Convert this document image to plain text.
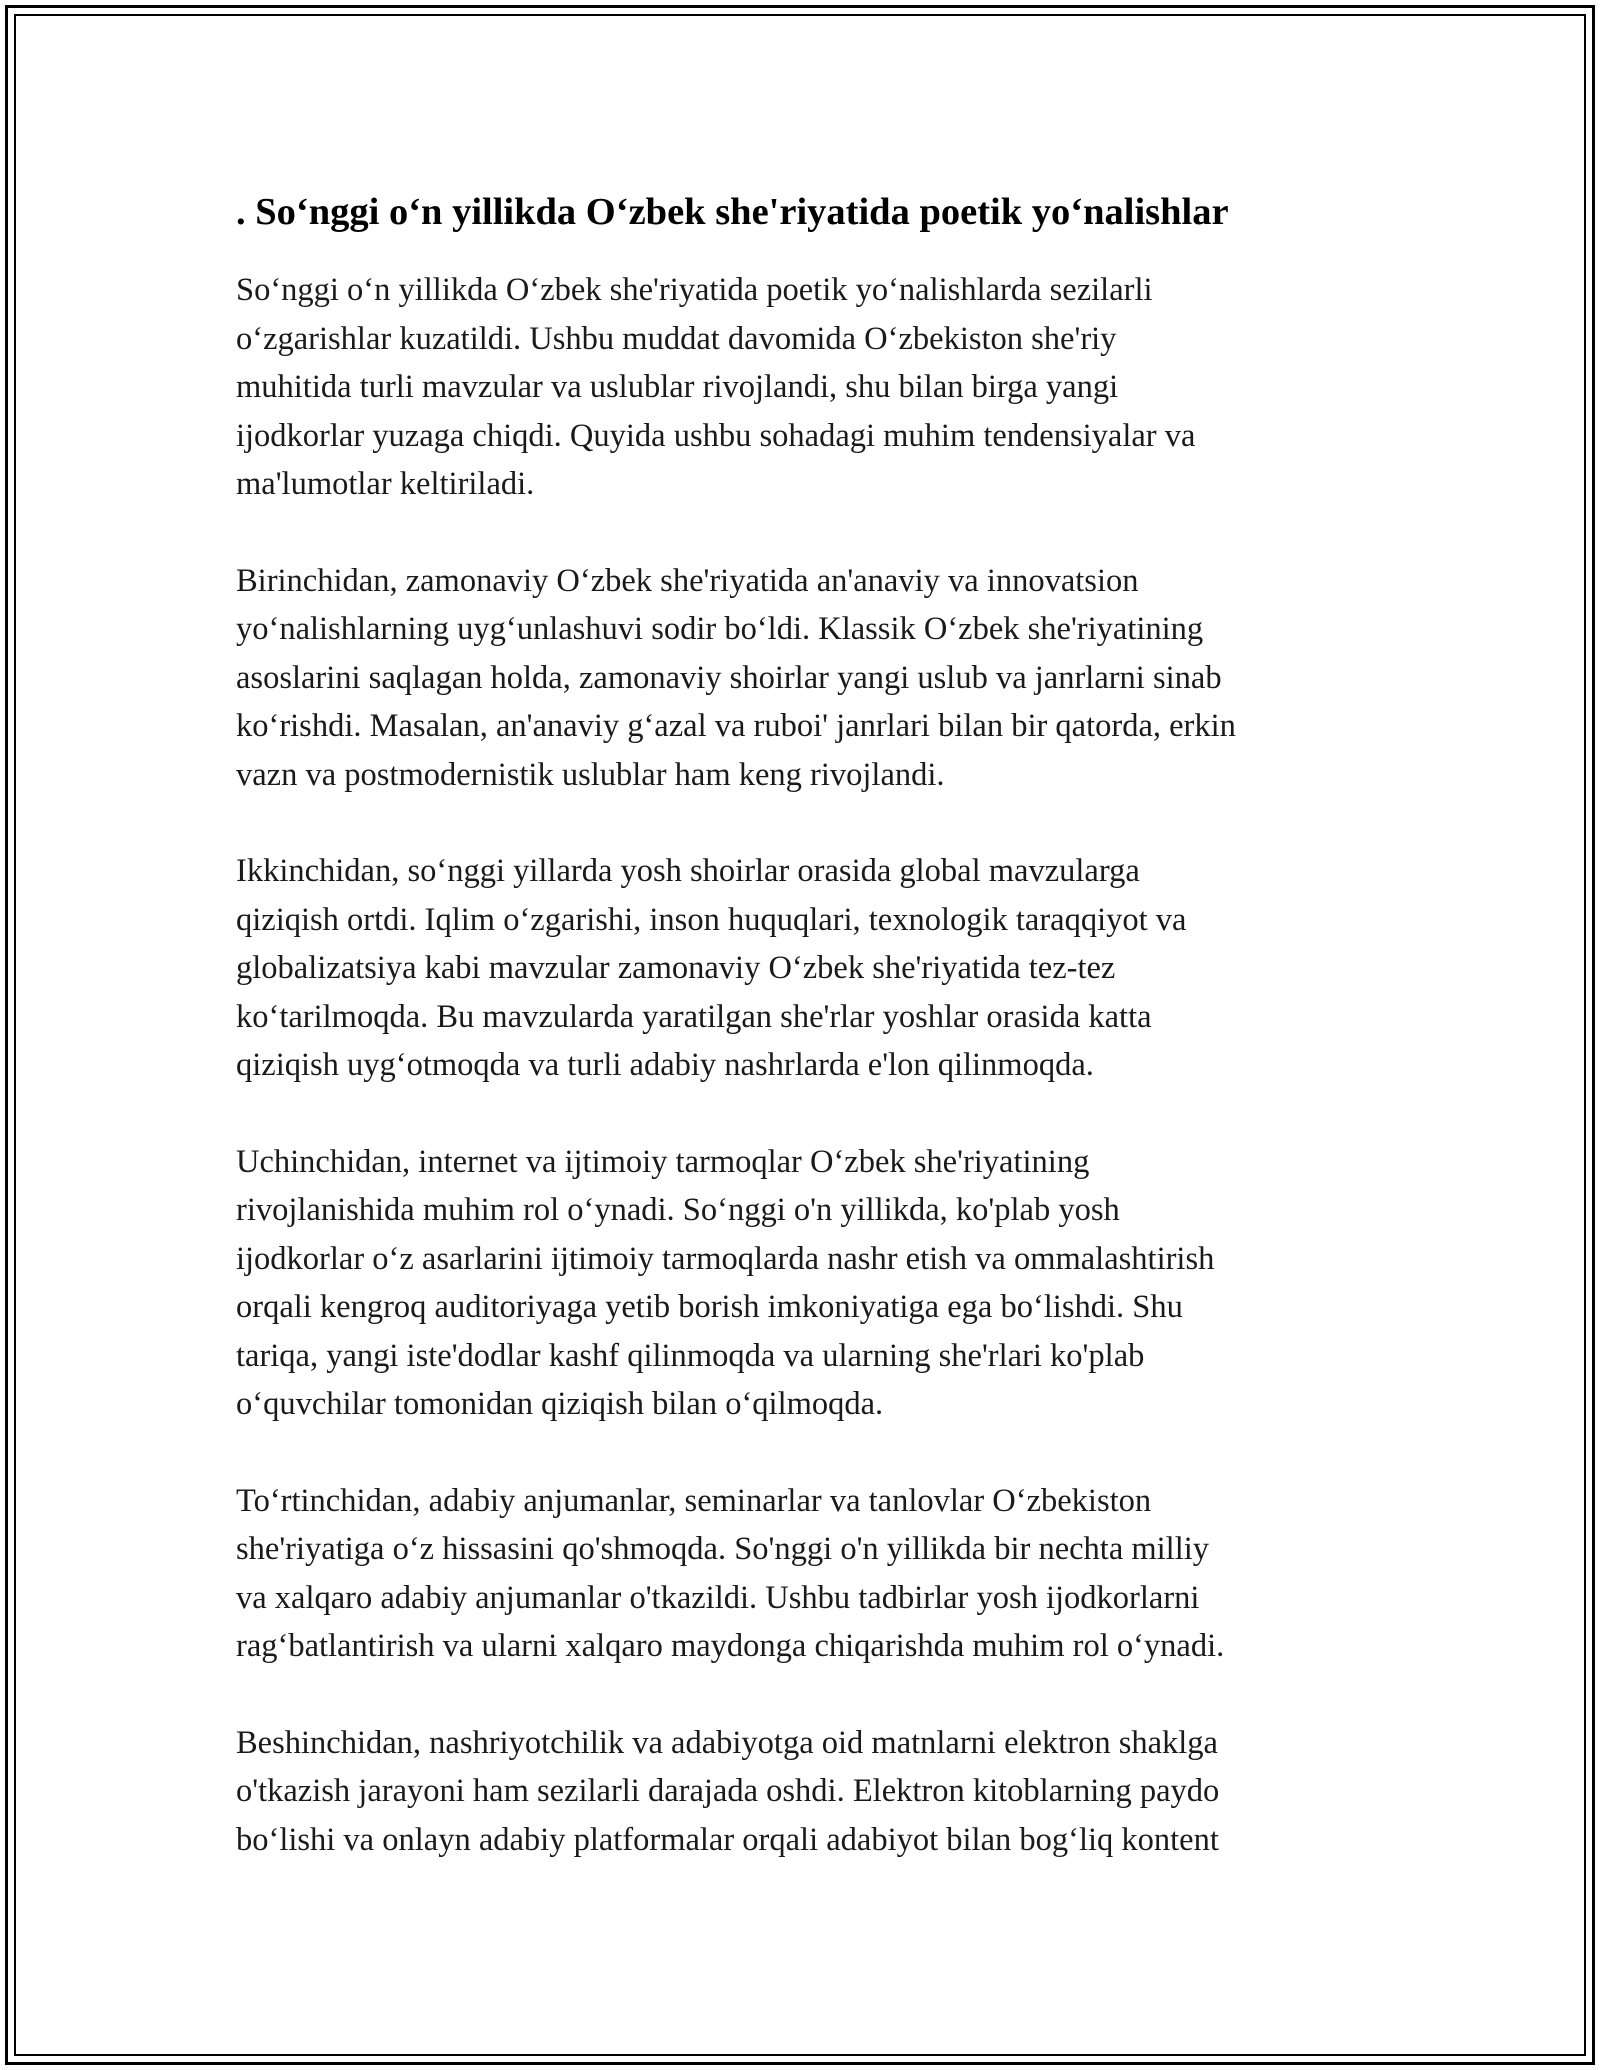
. So‘nggi o‘n yillikda O‘zbek she'riyatida poetik yo‘nalishlar

So‘nggi o‘n yillikda O‘zbek she'riyatida poetik yo‘nalishlarda sezilarli
o‘zgarishlar kuzatildi. Ushbu muddat davomida O‘zbekiston she'riy
muhitida turli mavzular va uslublar rivojlandi, shu bilan birga yangi
ijodkorlar yuzaga chiqdi. Quyida ushbu sohadagi muhim tendensiyalar va
ma'lumotlar keltiriladi.

Birinchidan, zamonaviy O‘zbek she'riyatida an'anaviy va innovatsion
yo‘nalishlarning uyg‘unlashuvi sodir bo‘ldi. Klassik O‘zbek she'riyatining
asoslarini saqlagan holda, zamonaviy shoirlar yangi uslub va janrlarni sinab
ko‘rishdi. Masalan, an'anaviy g‘azal va ruboi' janrlari bilan bir qatorda, erkin
vazn va postmodernistik uslublar ham keng rivojlandi.

Ikkinchidan, so‘nggi yillarda yosh shoirlar orasida global mavzularga
qiziqish ortdi. Iqlim o‘zgarishi, inson huquqlari, texnologik taraqqiyot va
globalizatsiya kabi mavzular zamonaviy O‘zbek she'riyatida tez-tez
ko‘tarilmoqda. Bu mavzularda yaratilgan she'rlar yoshlar orasida katta
qiziqish uyg‘otmoqda va turli adabiy nashrlarda e'lon qilinmoqda.

Uchinchidan, internet va ijtimoiy tarmoqlar O‘zbek she'riyatining
rivojlanishida muhim rol o‘ynadi. So‘nggi o'n yillikda, ko'plab yosh
ijodkorlar o‘z asarlarini ijtimoiy tarmoqlarda nashr etish va ommalashtirish
orqali kengroq auditoriyaga yetib borish imkoniyatiga ega bo‘lishdi. Shu
tariqa, yangi iste'dodlar kashf qilinmoqda va ularning she'rlari ko'plab
o‘quvchilar tomonidan qiziqish bilan o‘qilmoqda.

To‘rtinchidan, adabiy anjumanlar, seminarlar va tanlovlar O‘zbekiston
she'riyatiga o‘z hissasini qo'shmoqda. So'nggi o'n yillikda bir nechta milliy
va xalqaro adabiy anjumanlar o'tkazildi. Ushbu tadbirlar yosh ijodkorlarni
rag‘batlantirish va ularni xalqaro maydonga chiqarishda muhim rol o‘ynadi.

Beshinchidan, nashriyotchilik va adabiyotga oid matnlarni elektron shaklga
o'tkazish jarayoni ham sezilarli darajada oshdi. Elektron kitoblarning paydo
bo‘lishi va onlayn adabiy platformalar orqali adabiyot bilan bog‘liq kontent
